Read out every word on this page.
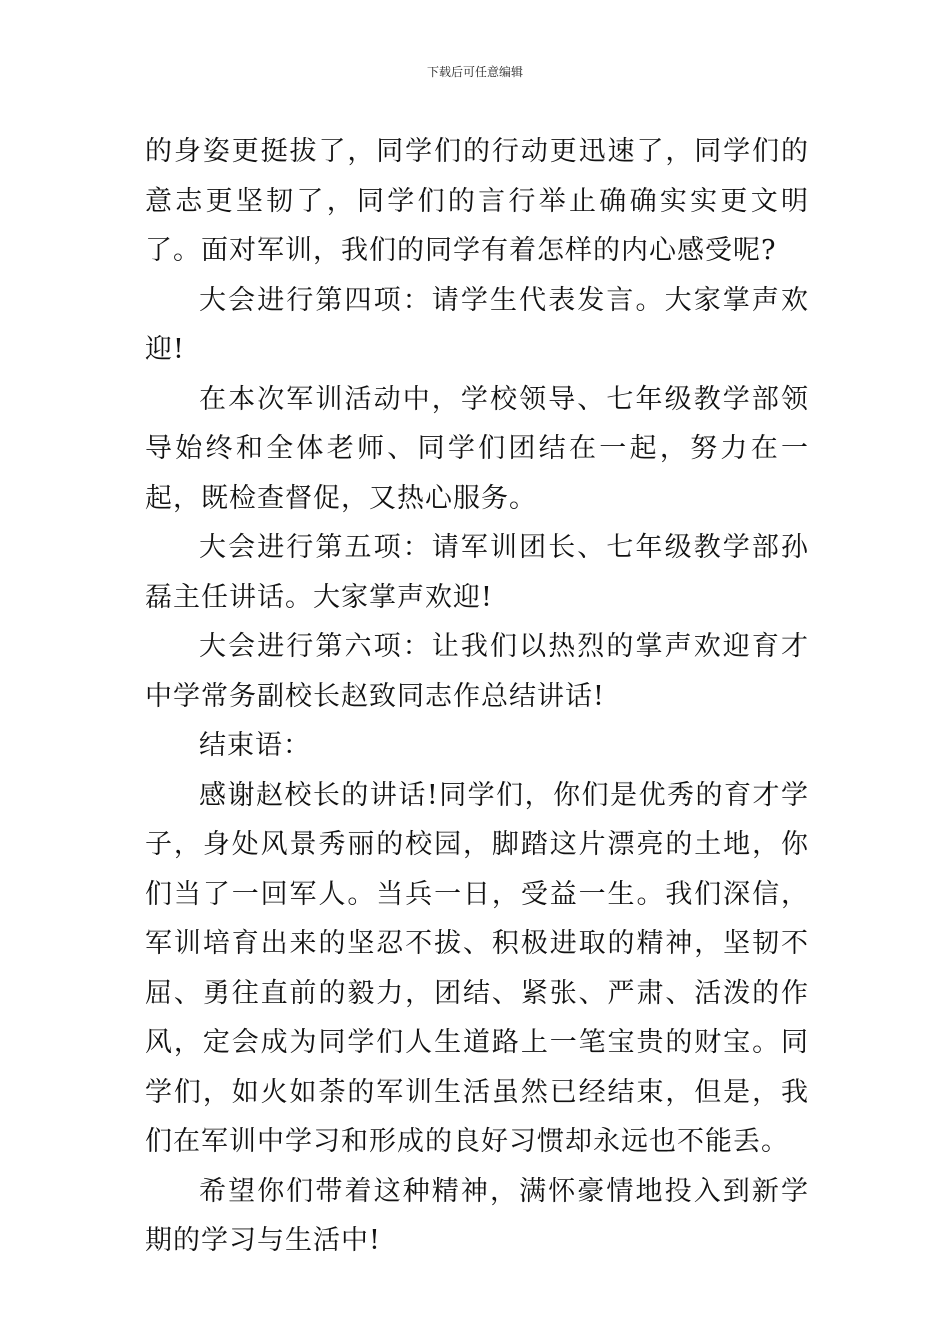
下载后可任意编辑

的身姿更挺拔了，同学们的行动更迅速了，同学们的意志更坚韧了，同学们的言行举止确确实实更文明了。面对军训，我们的同学有着怎样的内心感受呢?

大会进行第四项：请学生代表发言。大家掌声欢迎!

在本次军训活动中，学校领导、七年级教学部领导始终和全体老师、同学们团结在一起，努力在一起，既检查督促，又热心服务。

大会进行第五项：请军训团长、七年级教学部孙磊主任讲话。大家掌声欢迎!

大会进行第六项：让我们以热烈的掌声欢迎育才中学常务副校长赵致同志作总结讲话!

结束语：

感谢赵校长的讲话!同学们，你们是优秀的育才学子，身处风景秀丽的校园，脚踏这片漂亮的土地，你们当了一回军人。当兵一日，受益一生。我们深信，军训培育出来的坚忍不拔、积极进取的精神，坚韧不屈、勇往直前的毅力，团结、紧张、严肃、活泼的作风，定会成为同学们人生道路上一笔宝贵的财宝。同学们，如火如荼的军训生活虽然已经结束，但是，我们在军训中学习和形成的良好习惯却永远也不能丢。

希望你们带着这种精神，满怀豪情地投入到新学期的学习与生活中!
